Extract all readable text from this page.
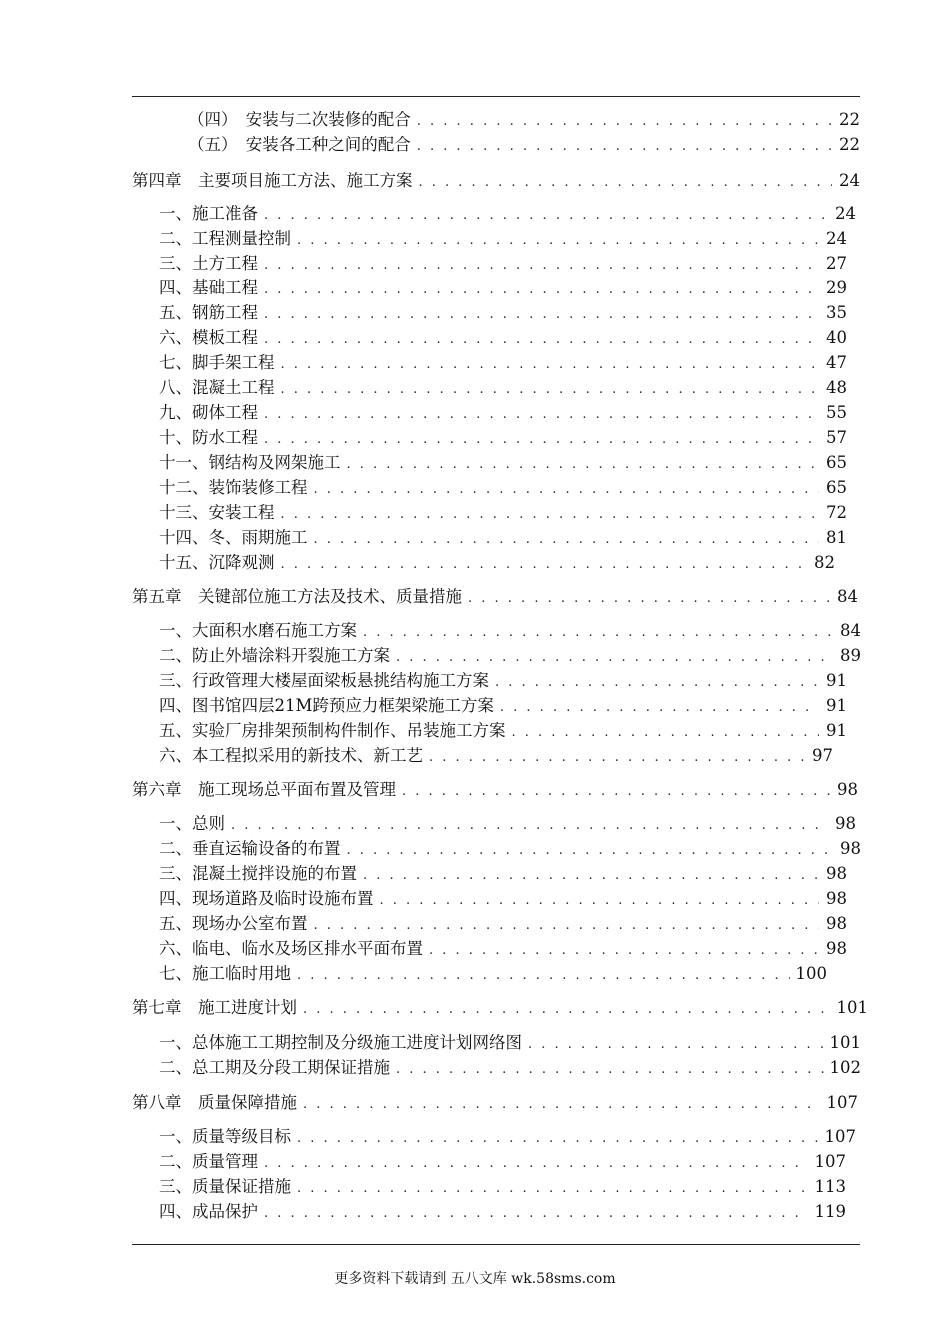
（四）　安装与二次装修的配合 . . .	22
（五）　安装各工种之间的配合 . . .	22
第四章　主要项目施工方法、施工方案 . . .	24
一、施工准备 . . .	24
二、工程测量控制 . . .	24
三、土方工程 . . .	27
四、基础工程 . . .	29
五、钢筋工程 . . .	35
六、模板工程 . . .	40
七、脚手架工程 . . .	47
八、混凝土工程 . . .	48
九、砌体工程 . . .	55
十、防水工程 . . .	57
十一、钢结构及网架施工 . . .	65
十二、装饰装修工程 . . .	65
十三、安装工程 . . .	72
十四、冬、雨期施工 . . .	81
十五、沉降观测 . . .	82
第五章　关键部位施工方法及技术、质量措施 . . .	84
一、大面积水磨石施工方案 . . .	84
二、防止外墙涂料开裂施工方案 . . .	89
三、行政管理大楼屋面梁板悬挑结构施工方案 . . .	91
四、图书馆四层21M跨预应力框架梁施工方案 . . .	91
五、实验厂房排架预制构件制作、吊装施工方案 . . .	91
六、本工程拟采用的新技术、新工艺 . . .	97
第六章　施工现场总平面布置及管理 . . .	98
一、总则 . . .	98
二、垂直运输设备的布置 . . .	98
三、混凝土搅拌设施的布置 . . .	98
四、现场道路及临时设施布置 . . .	98
五、现场办公室布置 . . .	98
六、临电、临水及场区排水平面布置 . . .	98
七、施工临时用地 . . .	100
第七章　施工进度计划 . . .	101
一、总体施工工期控制及分级施工进度计划网络图 . . .	101
二、总工期及分段工期保证措施 . . .	102
第八章　质量保障措施 . . .	107
一、质量等级目标 . . .	107
二、质量管理 . . .	107
三、质量保证措施 . . .	113
四、成品保护 . . .	119
更多资料下载请到 五八文库 wk.58sms.com
